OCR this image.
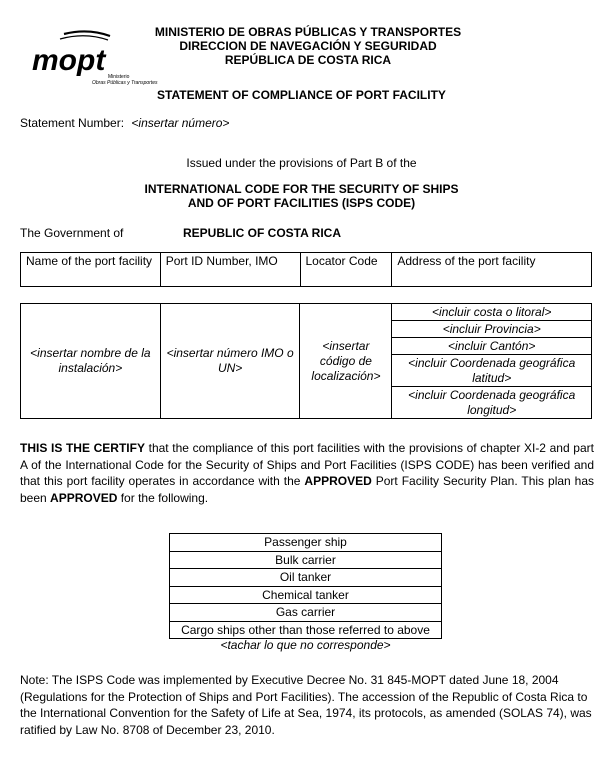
mopt Ministerio
Obras Públicas y Transportes
MINISTERIO DE OBRAS PÚBLICAS Y TRANSPORTES
DIRECCION DE NAVEGACIÓN Y SEGURIDAD
REPÚBLICA DE COSTA RICA
STATEMENT OF COMPLIANCE OF PORT FACILITY
Statement Number: <insertar número>
Issued under the provisions of Part B of the
INTERNATIONAL CODE FOR THE SECURITY OF SHIPS
AND OF PORT FACILITIES (ISPS CODE)
The Government of	REPUBLIC OF COSTA RICA
Name of the port facility	Port ID Number, IMO	Locator Code	Address of the port facility
<insertar nombre de la instalación>	<insertar número IMO o UN>	<insertar código de localización>	<incluir costa o litoral>
<incluir Provincia>
<incluir Cantón>
<incluir Coordenada geográfica latitud>
<incluir Coordenada geográfica longitud>
THIS IS THE CERTIFY that the compliance of this port facilities with the provisions of chapter XI-2 and part A of the International Code for the Security of Ships and Port Facilities (ISPS CODE) has been verified and that this port facility operates in accordance with the APPROVED Port Facility Security Plan. This plan has been APPROVED for the following.
Passenger ship
Bulk carrier
Oil tanker
Chemical tanker
Gas carrier
Cargo ships other than those referred to above
<tachar lo que no corresponde>
Note: The ISPS Code was implemented by Executive Decree No. 31 845-MOPT dated June 18, 2004 (Regulations for the Protection of Ships and Port Facilities). The accession of the Republic of Costa Rica to the International Convention for the Safety of Life at Sea, 1974, its protocols, as amended (SOLAS 74), was ratified by Law No. 8708 of December 23, 2010.
